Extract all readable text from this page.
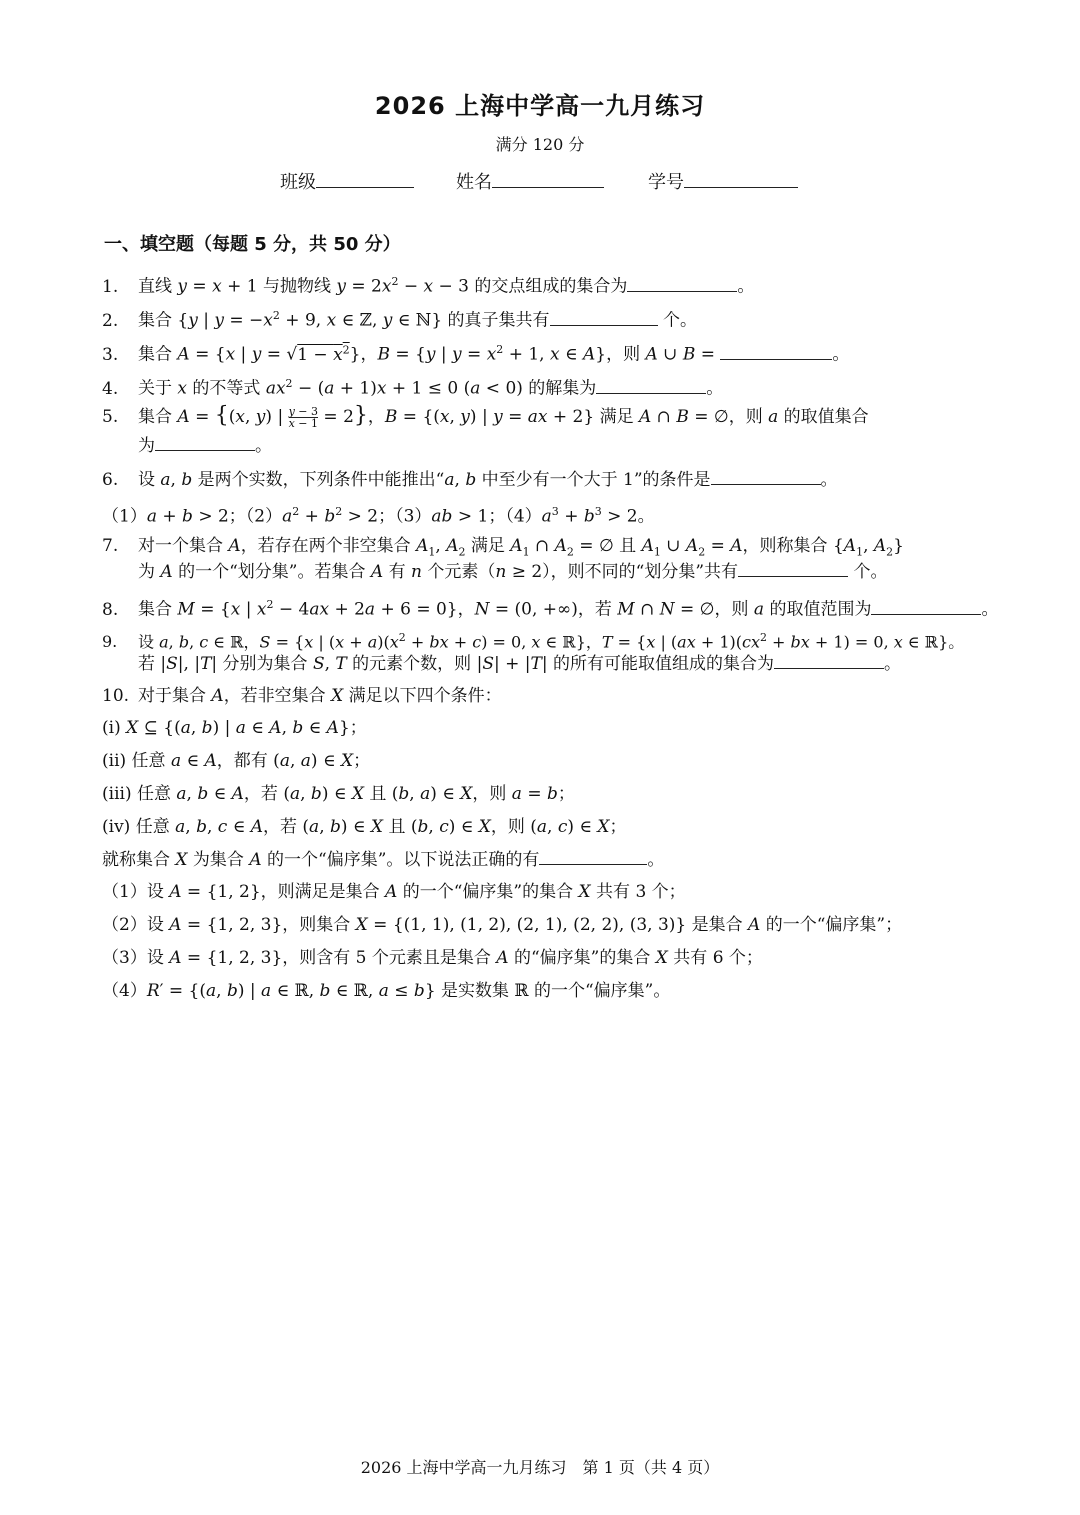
2026 上海中学高一九月练习
满分 120 分
班级	姓名	学号
一、填空题（每题 5 分，共 50 分）
1. 直线 y = x + 1 与抛物线 $y = 2x^2 - x - 3$ 的交点组成的集合为	。
2. 集合 {y | $y = -x^2 + 9$, x ∈ ℤ, y ∈ ℕ} 的真子集共有	个。
3. 集合 A = {x | $y = √1 - x^2$}，B = {y | $y = x^2 + 1$, x ∈ A}，则 A ∪ B =	。
4. 关于 x 的不等式 $ax^2 - (a + 1)x + 1 \le 0$ (a < 0) 的解集为	。
5. 集合 A = {(x, y) | $\frac{y - 3}{x - 1} = 2$}，B = {(x, y) | y = ax + 2} 满足 A ∩ B = ∅，则 a 的取值集合
为	。
6. 设 a, b 是两个实数，下列条件中能推出“a, b 中至少有一个大于 1”的条件是	。
（1）a + b > 2；$(2)a^2 + b^2 > 2$；（3）ab > 1；$(4)a^3 + b^3 > 2$。
7. 对一个集合 A，若存在两个非空集合 $A_1$, $A_2$ 满足 $A_1$ ∩ $A_2$ = ∅ 且 $A_1$ ∪ $A_2 = A$，则称集合 {$A_1$, $A_2$}
为 A 的一个“划分集”。若集合 A 有 n 个元素（n ≥ 2），则不同的“划分集”共有	个。
8. 集合 M = {x | $x^2 - 4ax + 2a + 6 = 0$}，N = (0, +∞)，若 M ∩ N = ∅，则 a 的取值范围为	。
9. 设 a, b, c ∈ ℝ，S = {x | $(x + a)(x^2$ + bx + c) = 0, x ∈ ℝ}，T = {x | $(ax + 1)(cx^2$ + bx + 1) = 0, x ∈ ℝ}。
若 |S|, |T| 分别为集合 S, T 的元素个数，则 |S| + |T| 的所有可能取值组成的集合为	。
10. 对于集合 A，若非空集合 X 满足以下四个条件：
(i) X ⊆ {(a, b) | a ∈ A, b ∈ A}；
(ii) 任意 a ∈ A，都有 (a, a) ∈ X；
(iii) 任意 a, b ∈ A，若 (a, b) ∈ X 且 (b, a) ∈ X，则 a = b；
(iv) 任意 a, b, c ∈ A，若 (a, b) ∈ X 且 (b, c) ∈ X，则 (a, c) ∈ X；
就称集合 X 为集合 A 的一个“偏序集”。以下说法正确的有	。
（1）设 A = {1, 2}，则满足是集合 A 的一个“偏序集”的集合 X 共有 3 个；
（2）设 A = {1, 2, 3}，则集合 X = {(1, 1), (1, 2), (2, 1), (2, 2), (3, 3)} 是集合 A 的一个“偏序集”；
（3）设 A = {1, 2, 3}，则含有 5 个元素且是集合 A 的“偏序集”的集合 X 共有 6 个；
（4）R′ = {(a, b) | a ∈ ℝ, b ∈ ℝ, a ≤ b} 是实数集 ℝ 的一个“偏序集”。
2026 上海中学高一九月练习　第 1 页（共 4 页）
